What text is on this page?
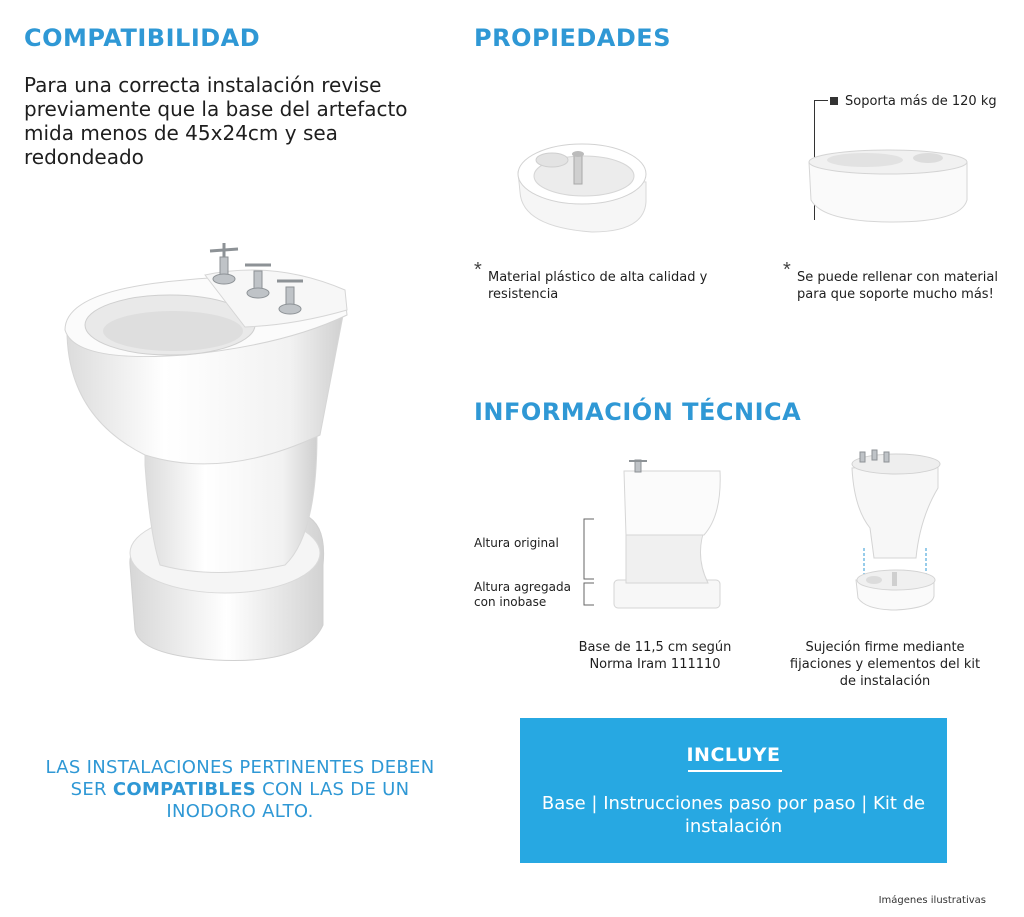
COMPATIBILIDAD

Para una correcta instalación revise previamente que la base del artefacto mida menos de 45x24cm y sea redondeado

LAS INSTALACIONES PERTINENTES DEBEN SER COMPATIBLES CON LAS DE UN INODORO ALTO.
PROPIEDADES
Soporta más de 120 kg
* Material plástico de alta calidad y resistencia
* Se puede rellenar con material para que soporte mucho más!
INFORMACIÓN TÉCNICA
Altura original
Altura agregada con inobase
Base de 11,5 cm según Norma Iram 111110
Sujeción firme mediante fijaciones y elementos del kit de instalación
INCLUYE
Base | Instrucciones paso por paso | Kit de instalación
Imágenes ilustrativas
